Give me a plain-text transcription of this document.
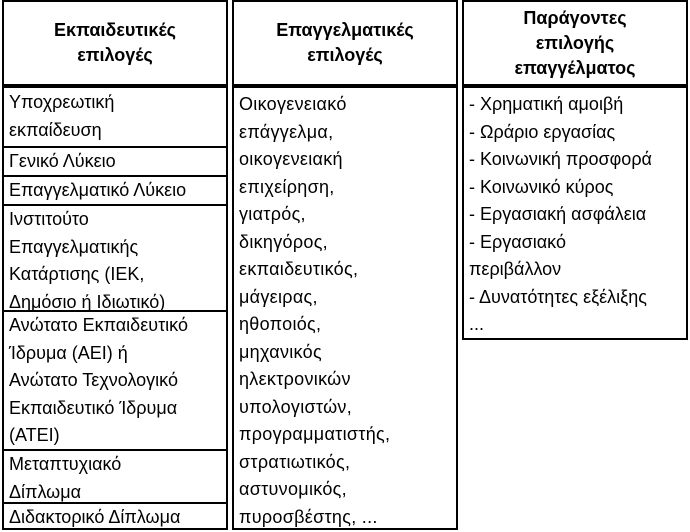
Εκπαιδευτικές
επιλογές
Υποχρεωτική
εκπαίδευση
Γενικό Λύκειο
Επαγγελματικό Λύκειο
Ινστιτούτο
Επαγγελματικής
Κατάρτισης (ΙΕΚ,
Δημόσιο ή Ιδιωτικό)
Ανώτατο Εκπαιδευτικό
Ίδρυμα (ΑΕΙ) ή
Ανώτατο Τεχνολογικό
Εκπαιδευτικό Ίδρυμα
(ΑΤΕΙ)
Μεταπτυχιακό
Δίπλωμα
Διδακτορικό Δίπλωμα
Επαγγελματικές
επιλογές
Οικογενειακό
επάγγελμα,
οικογενειακή
επιχείρηση,
γιατρός,
δικηγόρος,
εκπαιδευτικός,
μάγειρας,
ηθοποιός,
μηχανικός
ηλεκτρονικών
υπολογιστών,
προγραμματιστής,
στρατιωτικός,
αστυνομικός,
πυροσβέστης, ...
Παράγοντες
επιλογής
επαγγέλματος
- Χρηματική αμοιβή
- Ωράριο εργασίας
- Κοινωνική προσφορά
- Κοινωνικό κύρος
- Εργασιακή ασφάλεια
- Εργασιακό
περιβάλλον
- Δυνατότητες εξέλιξης
...
